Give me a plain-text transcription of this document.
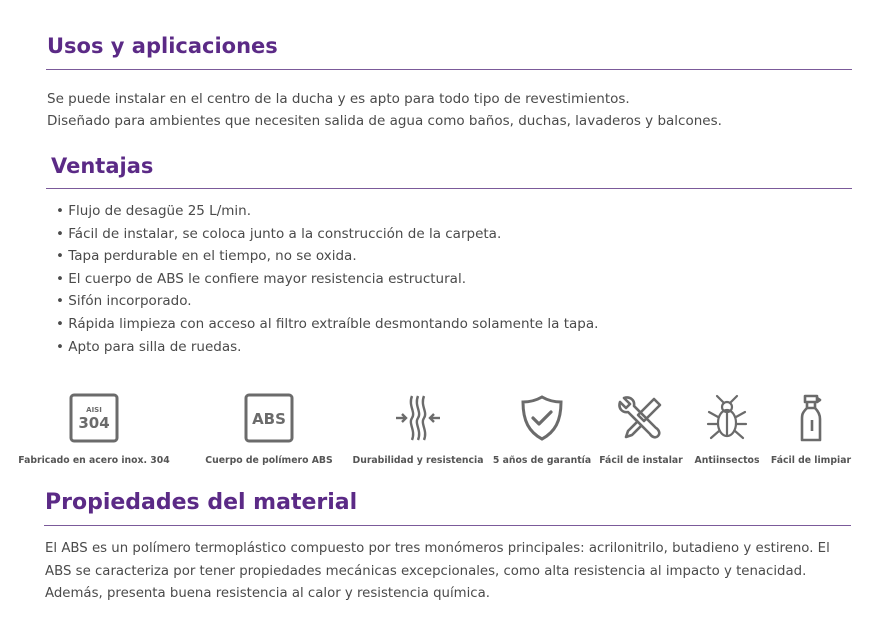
Usos y aplicaciones

Se puede instalar en el centro de la ducha y es apto para todo tipo de revestimientos.

Diseñado para ambientes que necesiten salida de agua como baños, duchas, lavaderos y balcones.

Ventajas
• Flujo de desagüe 25 L/min.
• Fácil de instalar, se coloca junto a la construcción de la carpeta.
• Tapa perdurable en el tiempo, no se oxida.
• El cuerpo de ABS le confiere mayor resistencia estructural.
• Sifón incorporado.
• Rápida limpieza con acceso al filtro extraíble desmontando solamente la tapa.
• Apto para silla de ruedas.
AISI
304
Fabricado en acero inox. 304
ABS
Cuerpo de polímero ABS Durabilidad y resistencia 5 años de garantía Fácil de instalar Antiinsectos Fácil de limpiar
Propiedades del material

El ABS es un polímero termoplástico compuesto por tres monómeros principales: acrilonitrilo, butadieno y estireno. El

ABS se caracteriza por tener propiedades mecánicas excepcionales, como alta resistencia al impacto y tenacidad.

Además, presenta buena resistencia al calor y resistencia química.
